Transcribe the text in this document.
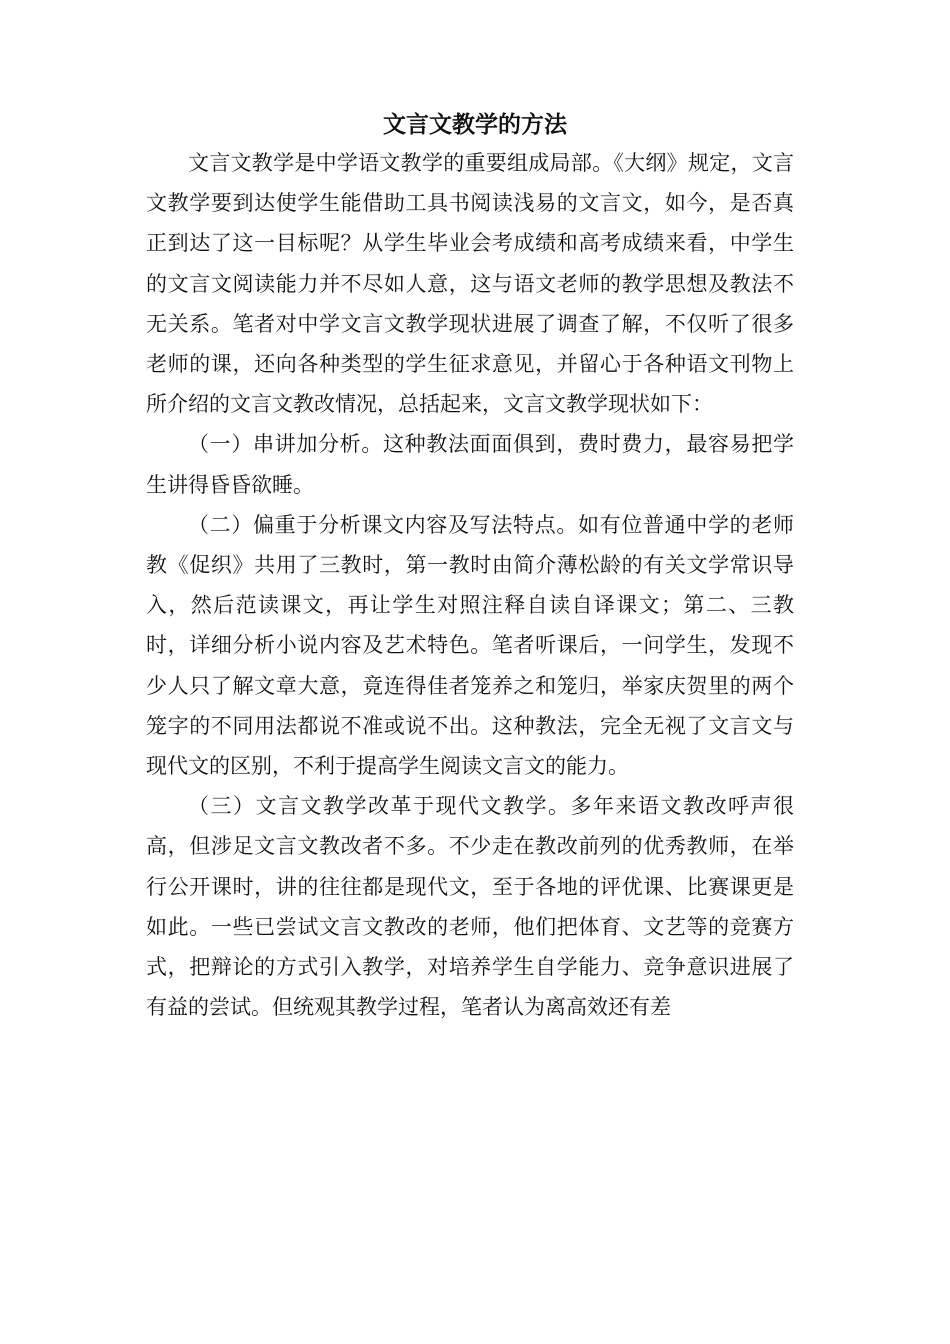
文言文教学的方法

文言文教学是中学语文教学的重要组成局部。《大纲》规定，文言文教学要到达使学生能借助工具书阅读浅易的文言文，如今，是否真正到达了这一目标呢？从学生毕业会考成绩和高考成绩来看，中学生的文言文阅读能力并不尽如人意，这与语文老师的教学思想及教法不无关系。笔者对中学文言文教学现状进展了调查了解，不仅听了很多老师的课，还向各种类型的学生征求意见，并留心于各种语文刊物上所介绍的文言文教改情况，总括起来，文言文教学现状如下：

（一）串讲加分析。这种教法面面俱到，费时费力，最容易把学生讲得昏昏欲睡。

（二）偏重于分析课文内容及写法特点。如有位普通中学的老师教《促织》共用了三教时，第一教时由简介薄松龄的有关文学常识导入，然后范读课文，再让学生对照注释自读自译课文；第二、三教时，详细分析小说内容及艺术特色。笔者听课后，一问学生，发现不少人只了解文章大意，竟连得佳者笼养之和笼归，举家庆贺里的两个笼字的不同用法都说不准或说不出。这种教法，完全无视了文言文与现代文的区别，不利于提高学生阅读文言文的能力。

（三）文言文教学改革于现代文教学。多年来语文教改呼声很高，但涉足文言文教改者不多。不少走在教改前列的优秀教师，在举行公开课时，讲的往往都是现代文，至于各地的评优课、比赛课更是如此。一些已尝试文言文教改的老师，他们把体育、文艺等的竞赛方式，把辩论的方式引入教学，对培养学生自学能力、竞争意识进展了有益的尝试。但统观其教学过程，笔者认为离高效还有差
